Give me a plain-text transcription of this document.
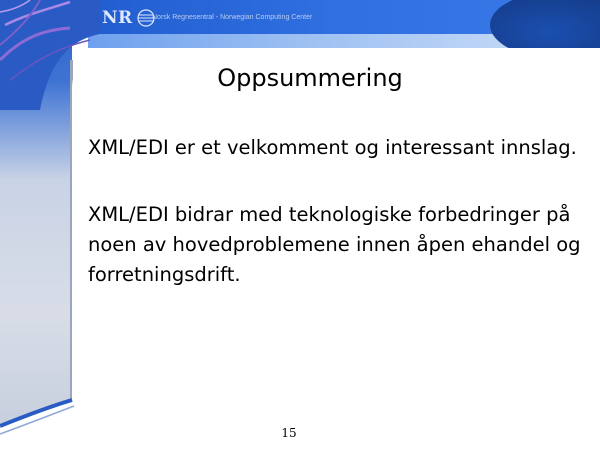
NR	Norsk Regnesentral - Norwegian Computing Center
Oppsummering

XML/EDI er et velkomment og interessant innslag.

XML/EDI bidrar med teknologiske forbedringer på noen av hovedproblemene innen åpen ehandel og forretningsdrift.

15
